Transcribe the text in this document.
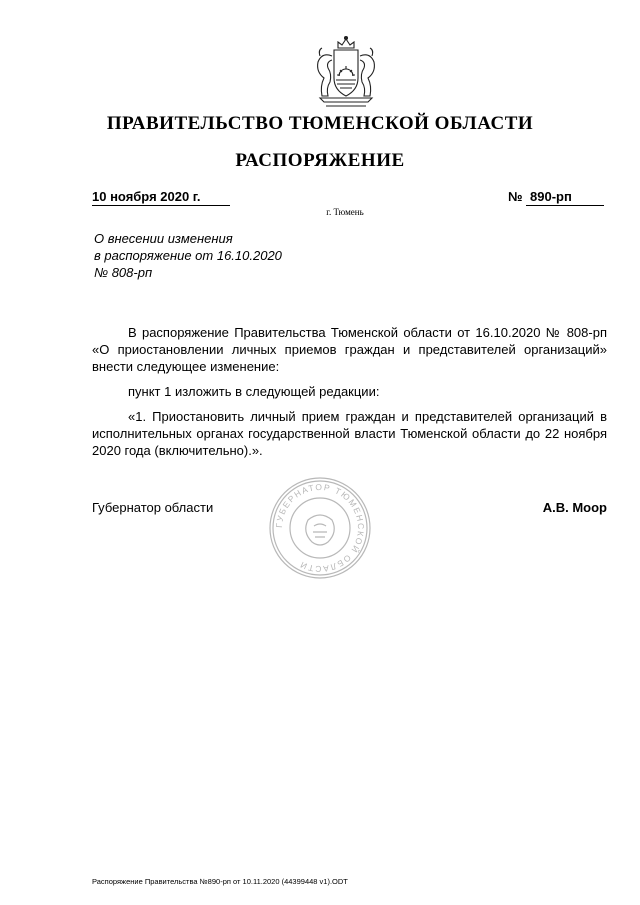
ПРАВИТЕЛЬСТВО ТЮМЕНСКОЙ ОБЛАСТИ
РАСПОРЯЖЕНИЕ
10 ноября 2020 г.	№ 890-рп
г. Тюмень
О внесении изменения
в распоряжение от 16.10.2020
№ 808-рп

В распоряжение Правительства Тюменской области от 16.10.2020 № 808-рп «О приостановлении личных приемов граждан и представителей организаций» внести следующее изменение:

пункт 1 изложить в следующей редакции:

«1. Приостановить личный прием граждан и представителей организаций в исполнительных органах государственной власти Тюменской области до 22 ноября 2020 года (включительно).».

Губернатор области
ГУБЕРНАТОР ТЮМЕНСКОЙ ОБЛАСТИ
А.В. Моор
Распоряжение Правительства №890-рп от 10.11.2020 (44399448 v1).ODT
